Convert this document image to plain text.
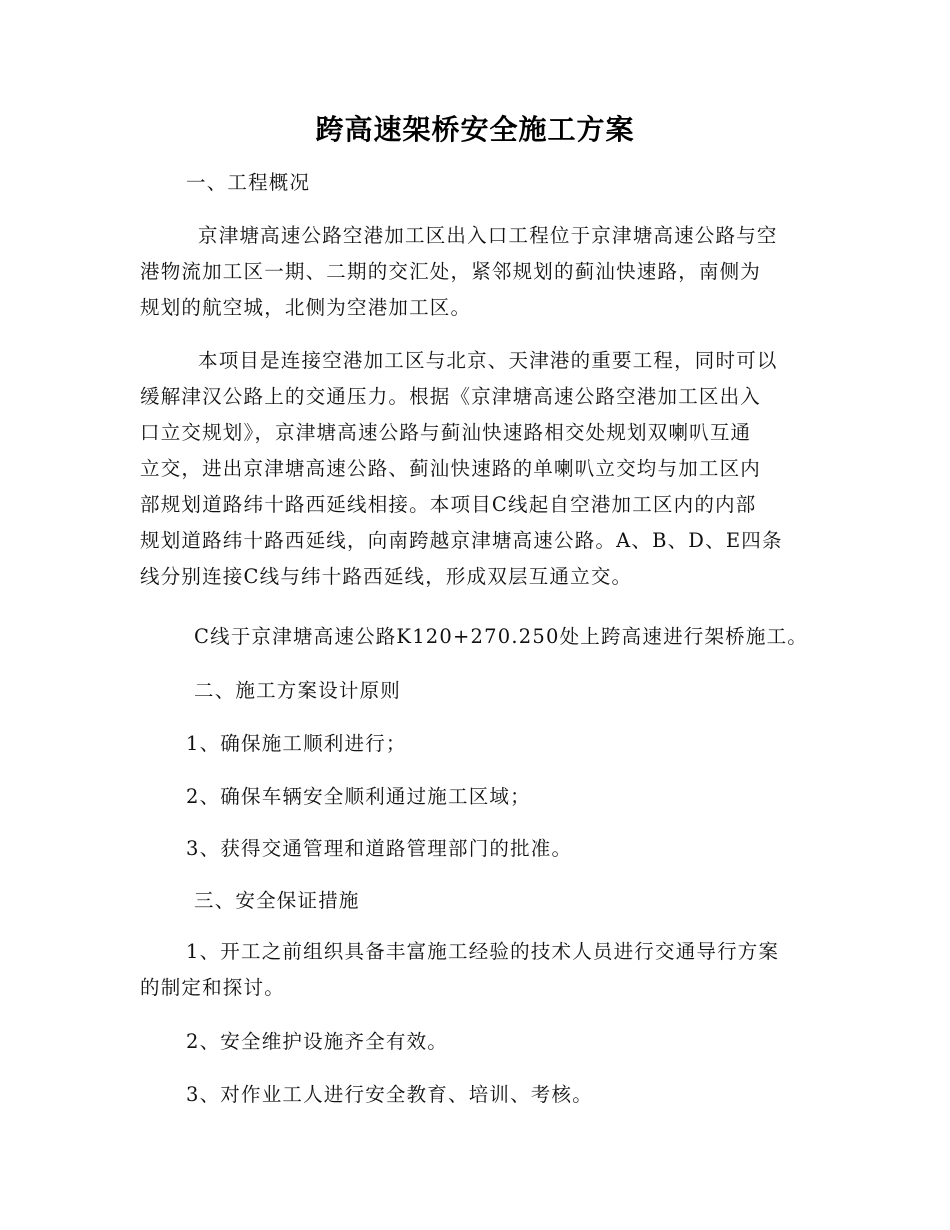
跨高速架桥安全施工方案
一、工程概况
京津塘高速公路空港加工区出入口工程位于京津塘高速公路与空
港物流加工区一期、二期的交汇处，紧邻规划的蓟汕快速路，南侧为
规划的航空城，北侧为空港加工区。
本项目是连接空港加工区与北京、天津港的重要工程，同时可以
缓解津汉公路上的交通压力。根据《京津塘高速公路空港加工区出入
口立交规划》，京津塘高速公路与蓟汕快速路相交处规划双喇叭互通
立交，进出京津塘高速公路、蓟汕快速路的单喇叭立交均与加工区内
部规划道路纬十路西延线相接。本项目C线起自空港加工区内的内部
规划道路纬十路西延线，向南跨越京津塘高速公路。A、B、D、E四条
线分别连接C线与纬十路西延线，形成双层互通立交。
C线于京津塘高速公路K120+270.250处上跨高速进行架桥施工。
二、施工方案设计原则
1、确保施工顺利进行；
2、确保车辆安全顺利通过施工区域；
3、获得交通管理和道路管理部门的批准。
三、安全保证措施
1、开工之前组织具备丰富施工经验的技术人员进行交通导行方案
的制定和探讨。
2、安全维护设施齐全有效。
3、对作业工人进行安全教育、培训、考核。
